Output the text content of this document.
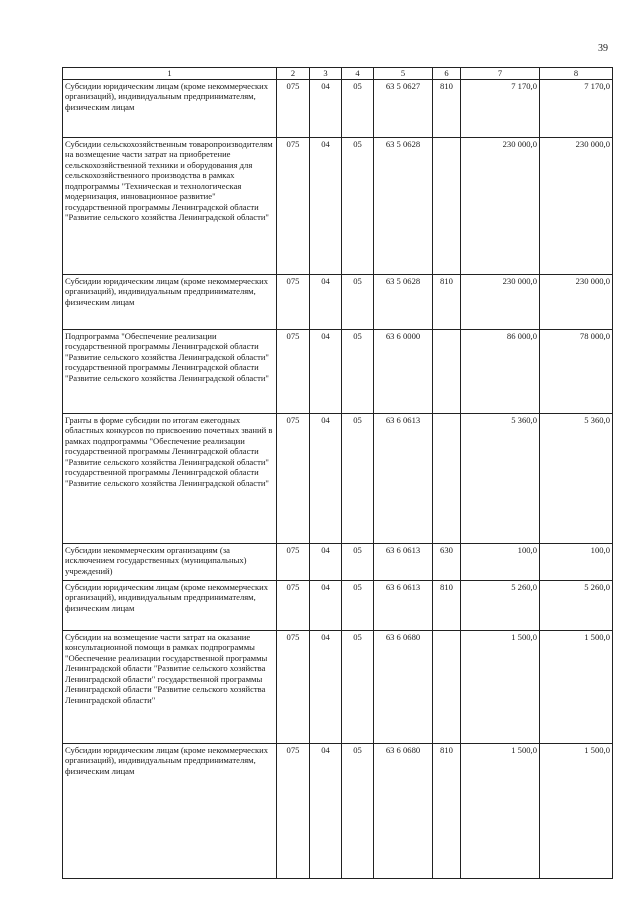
39
1	2	3	4	5	6	7	8
Субсидии юридическим лицам (кроме некоммерческих организаций), индивидуальным предпринимателям, физическим лицам	075	04	05	63 5 0627	810	7 170,0	7 170,0
Субсидии сельскохозяйственным товаропроизводителям на возмещение части затрат на приобретение сельскохозяйственной техники и оборудования для сельскохозяйственного производства в рамках подпрограммы "Техническая и технологическая модернизация, инновационное развитие" государственной программы Ленинградской области "Развитие сельского хозяйства Ленинградской области"	075	04	05	63 5 0628		230 000,0	230 000,0
Субсидии юридическим лицам (кроме некоммерческих организаций), индивидуальным предпринимателям, физическим лицам	075	04	05	63 5 0628	810	230 000,0	230 000,0
Подпрограмма "Обеспечение реализации государственной программы Ленинградской области "Развитие сельского хозяйства Ленинградской области" государственной программы Ленинградской области "Развитие сельского хозяйства Ленинградской области"	075	04	05	63 6 0000		86 000,0	78 000,0
Гранты в форме субсидии по итогам ежегодных областных конкурсов по присвоению почетных званий в рамках подпрограммы "Обеспечение реализации государственной программы Ленинградской области "Развитие сельского хозяйства Ленинградской области" государственной программы Ленинградской области "Развитие сельского хозяйства Ленинградской области"	075	04	05	63 6 0613		5 360,0	5 360,0
Субсидии некоммерческим организациям (за исключением государственных (муниципальных) учреждений)	075	04	05	63 6 0613	630	100,0	100,0
Субсидии юридическим лицам (кроме некоммерческих организаций), индивидуальным предпринимателям, физическим лицам	075	04	05	63 6 0613	810	5 260,0	5 260,0
Субсидии на возмещение части затрат на оказание консультационной помощи в рамках подпрограммы "Обеспечение реализации государственной программы Ленинградской области "Развитие сельского хозяйства Ленинградской области" государственной программы Ленинградской области "Развитие сельского хозяйства Ленинградской области"	075	04	05	63 6 0680		1 500,0	1 500,0
Субсидии юридическим лицам (кроме некоммерческих организаций), индивидуальным предпринимателям, физическим лицам	075	04	05	63 6 0680	810	1 500,0	1 500,0
